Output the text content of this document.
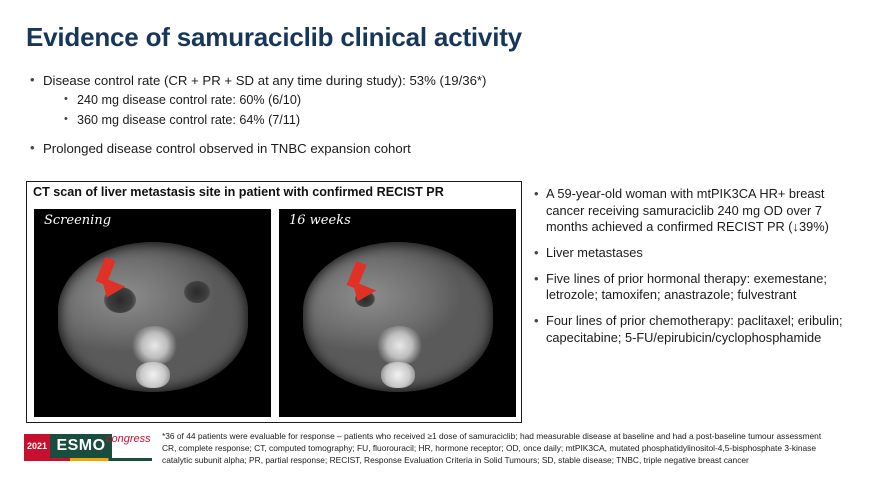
Evidence of samuraciclib clinical activity
• Disease control rate (CR + PR + SD at any time during study): 53% (19/36*)
• 240 mg disease control rate: 60% (6/10)
• 360 mg disease control rate: 64% (7/11)
• Prolonged disease control observed in TNBC expansion cohort
CT scan of liver metastasis site in patient with confirmed RECIST PR
Screening	16 weeks
• A 59-year-old woman with mtPIK3CA HR+ breast cancer receiving samuraciclib 240 mg OD over 7 months achieved a confirmed RECIST PR (↓39%)
• Liver metastases
• Five lines of prior hormonal therapy: exemestane; letrozole; tamoxifen; anastrazole; fulvestrant
• Four lines of prior chemotherapy: paclitaxel; eribulin; capecitabine; 5-FU/epirubicin/cyclophosphamide
2021 ESMO congress *36 of 44 patients were evaluable for response – patients who received ≥1 dose of samuraciclib; had measurable disease at baseline and had a post-baseline tumour assessment

CR, complete response; CT, computed tomography; FU, fluorouracil; HR, hormone receptor; OD, once daily; mtPIK3CA, mutated phosphatidylinositol-4,5-bisphosphate 3-kinase

catalytic subunit alpha; PR, partial response; RECIST, Response Evaluation Criteria in Solid Tumours; SD, stable disease; TNBC, triple negative breast cancer
